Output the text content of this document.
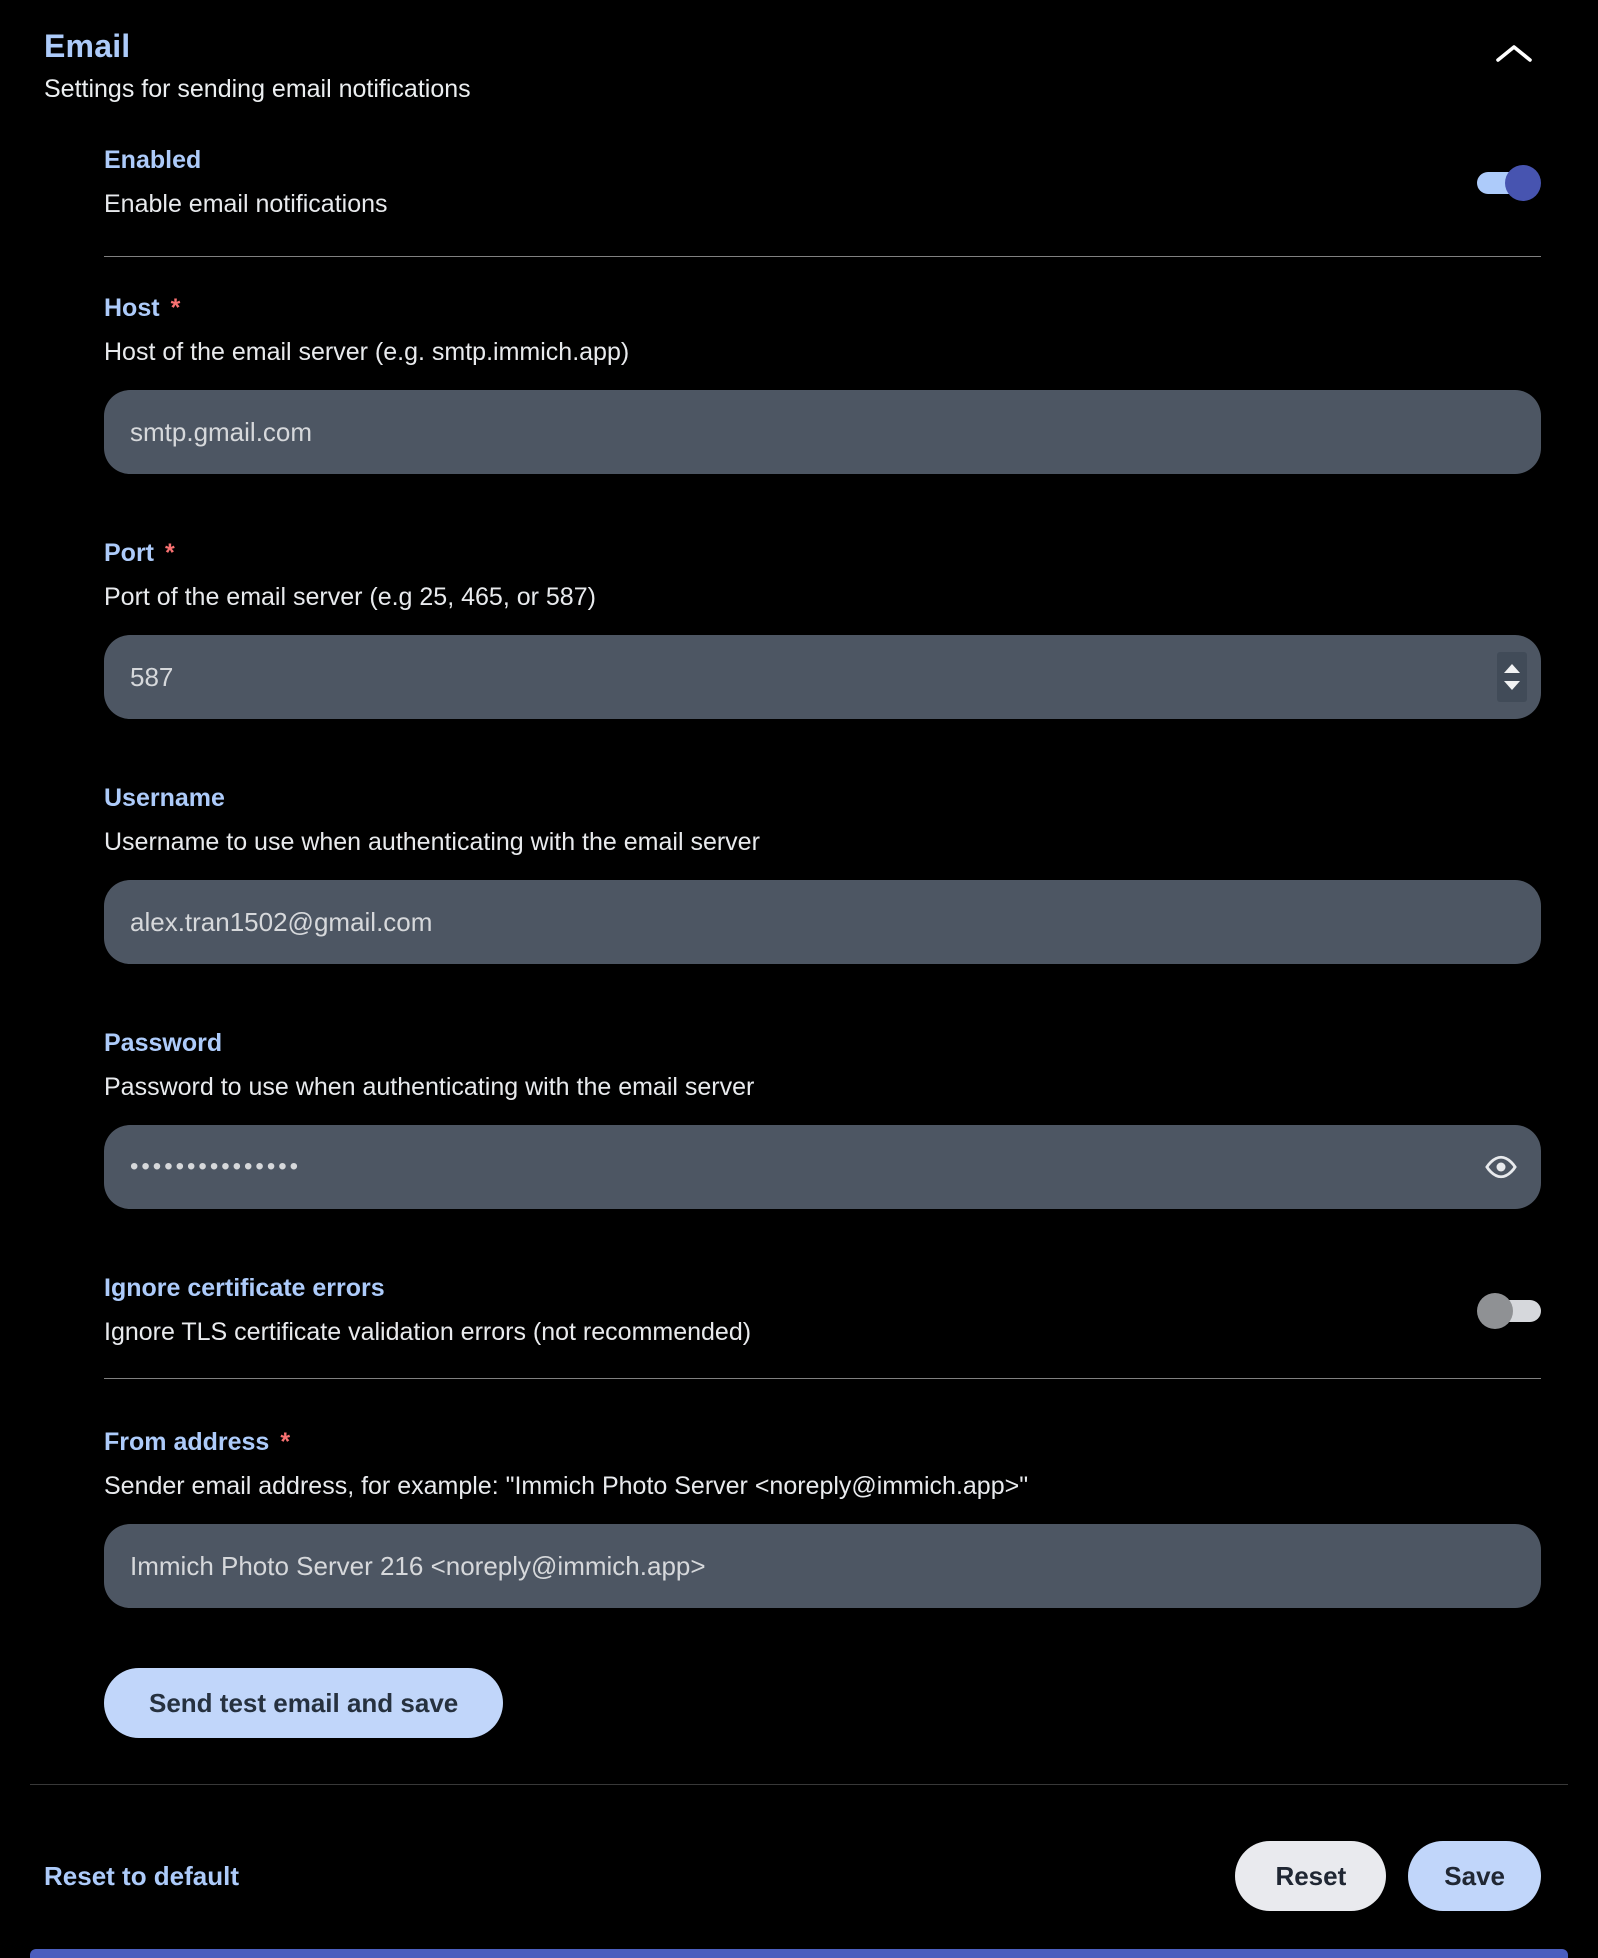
Email
Settings for sending email notifications
Enabled
Enable email notifications
Host *
Host of the email server (e.g. smtp.immich.app)
smtp.gmail.com
Port *
Port of the email server (e.g 25, 465, or 587)
587
Username
Username to use when authenticating with the email server
alex.tran1502@gmail.com
Password
Password to use when authenticating with the email server
•••••••••••••••
Ignore certificate errors
Ignore TLS certificate validation errors (not recommended)
From address *
Sender email address, for example: "Immich Photo Server <noreply@immich.app>"
Immich Photo Server 216 <noreply@immich.app>
Send test email and save
Reset to default	Reset	Save
